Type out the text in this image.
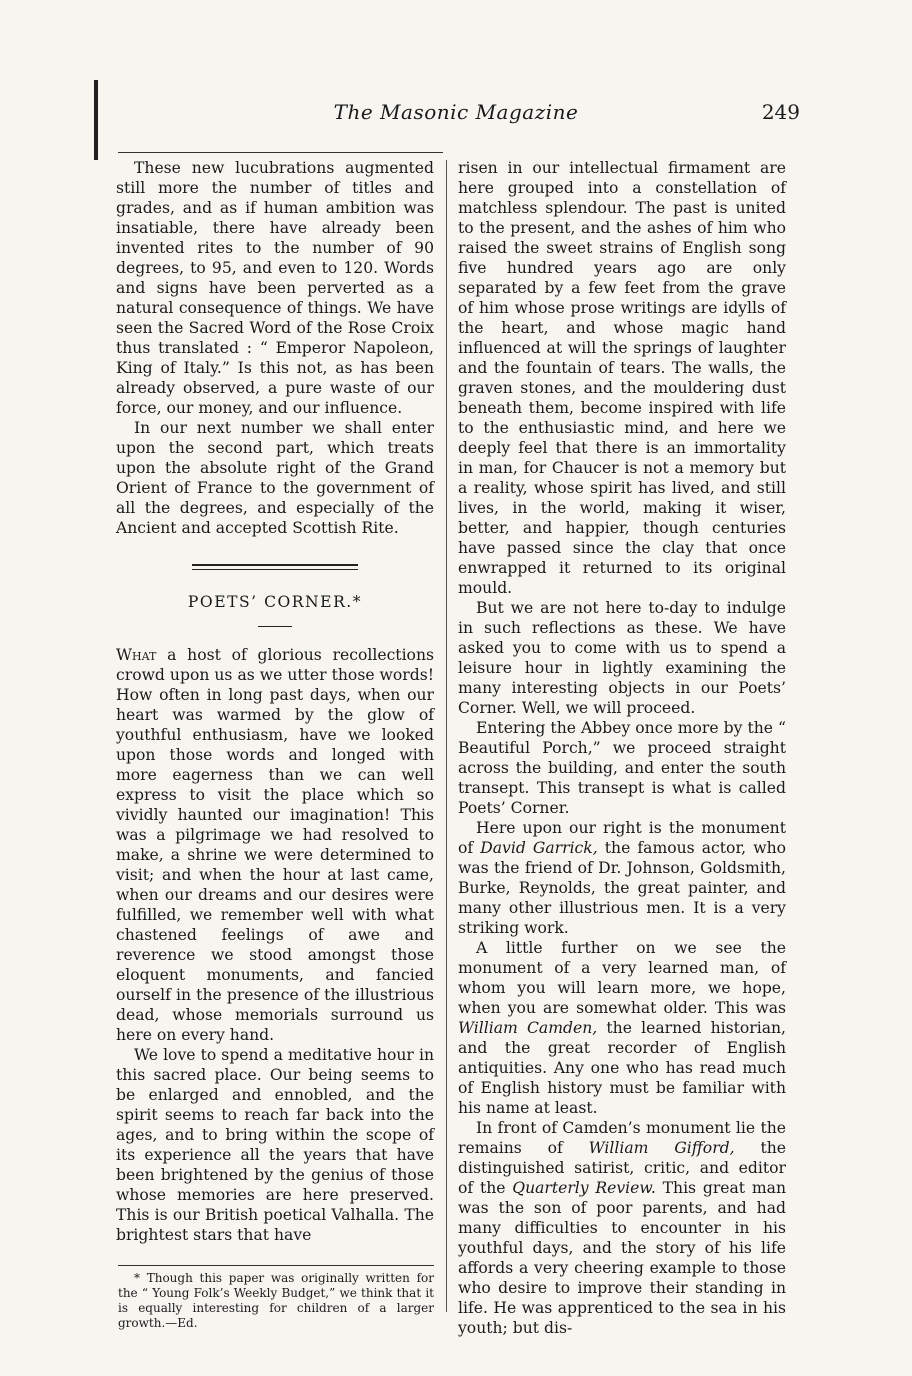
The Masonic Magazine	249

These new lucubrations augmented still more the number of titles and grades, and as if human ambition was insatiable, there have already been invented rites to the number of 90 degrees, to 95, and even to 120. Words and signs have been perverted as a natural consequence of things. We have seen the Sacred Word of the Rose Croix thus translated : “ Emperor Napoleon, King of Italy.” Is this not, as has been already observed, a pure waste of our force, our money, and our influence.

In our next number we shall enter upon the second part, which treats upon the absolute right of the Grand Orient of France to the government of all the degrees, and especially of the Ancient and accepted Scottish Rite.

POETS’ CORNER.*

What a host of glorious recollections crowd upon us as we utter those words! How often in long past days, when our heart was warmed by the glow of youthful enthusiasm, have we looked upon those words and longed with more eagerness than we can well express to visit the place which so vividly haunted our imagination! This was a pilgrimage we had resolved to make, a shrine we were determined to visit; and when the hour at last came, when our dreams and our desires were fulfilled, we remember well with what chastened feelings of awe and reverence we stood amongst those eloquent monuments, and fancied ourself in the presence of the illustrious dead, whose memorials surround us here on every hand.

We love to spend a meditative hour in this sacred place. Our being seems to be enlarged and ennobled, and the spirit seems to reach far back into the ages, and to bring within the scope of its experience all the years that have been brightened by the genius of those whose memories are here preserved. This is our British poetical Valhalla. The brightest stars that have

risen in our intellectual firmament are here grouped into a constellation of matchless splendour. The past is united to the present, and the ashes of him who raised the sweet strains of English song five hundred years ago are only separated by a few feet from the grave of him whose prose writings are idylls of the heart, and whose magic hand influenced at will the springs of laughter and the fountain of tears. The walls, the graven stones, and the mouldering dust beneath them, become inspired with life to the enthusiastic mind, and here we deeply feel that there is an immortality in man, for Chaucer is not a memory but a reality, whose spirit has lived, and still lives, in the world, making it wiser, better, and happier, though centuries have passed since the clay that once enwrapped it returned to its original mould.

But we are not here to-day to indulge in such reflections as these. We have asked you to come with us to spend a leisure hour in lightly examining the many interesting objects in our Poets’ Corner. Well, we will proceed.

Entering the Abbey once more by the “ Beautiful Porch,” we proceed straight across the building, and enter the south transept. This transept is what is called Poets’ Corner.

Here upon our right is the monument of David Garrick, the famous actor, who was the friend of Dr. Johnson, Goldsmith, Burke, Reynolds, the great painter, and many other illustrious men. It is a very striking work.

A little further on we see the monument of a very learned man, of whom you will learn more, we hope, when you are somewhat older. This was William Camden, the learned historian, and the great recorder of English antiquities. Any one who has read much of English history must be familiar with his name at least.

In front of Camden’s monument lie the remains of William Gifford, the distinguished satirist, critic, and editor of the Quarterly Review. This great man was the son of poor parents, and had many difficulties to encounter in his youthful days, and the story of his life affords a very cheering example to those who desire to improve their standing in life. He was apprenticed to the sea in his youth; but dis-

* Though this paper was originally written for the “ Young Folk’s Weekly Budget,” we think that it is equally interesting for children of a larger growth.—Ed.
